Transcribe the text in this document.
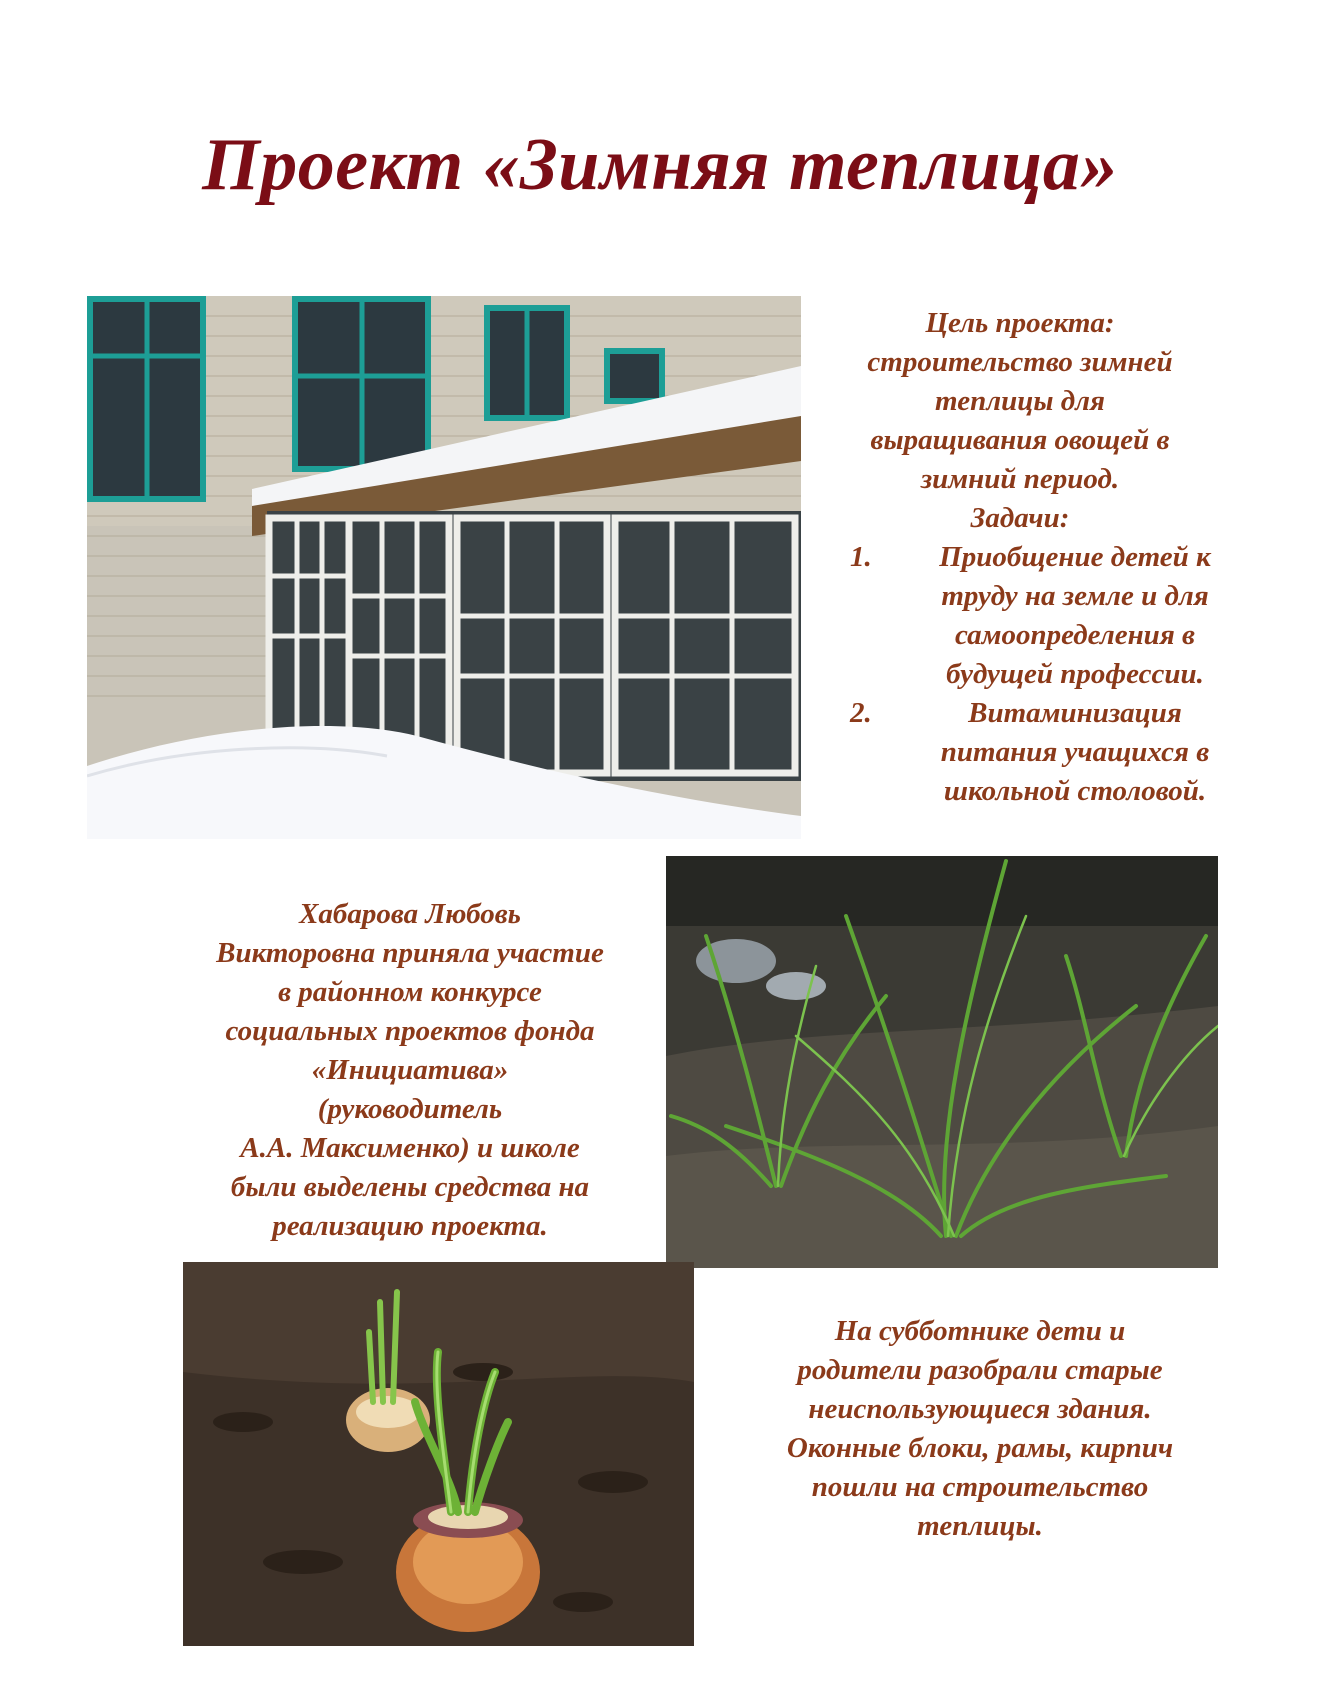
Проект «Зимняя теплица»
Цель проекта:
строительство зимней
теплицы для
выращивания овощей в
зимний период.
Задачи:
1.	Приобщение детей к
труду на земле и для
самоопределения в
будущей профессии.
2.	Витаминизация
питания учащихся в
школьной столовой.
Хабарова Любовь
Викторовна приняла участие
в районном конкурсе
социальных проектов фонда
«Инициатива»
(руководитель
А.А. Максименко) и школе
были выделены средства на
реализацию проекта.
На субботнике дети и
родители разобрали старые
неиспользующиеся здания.
Оконные блоки, рамы, кирпич
пошли на строительство
теплицы.
